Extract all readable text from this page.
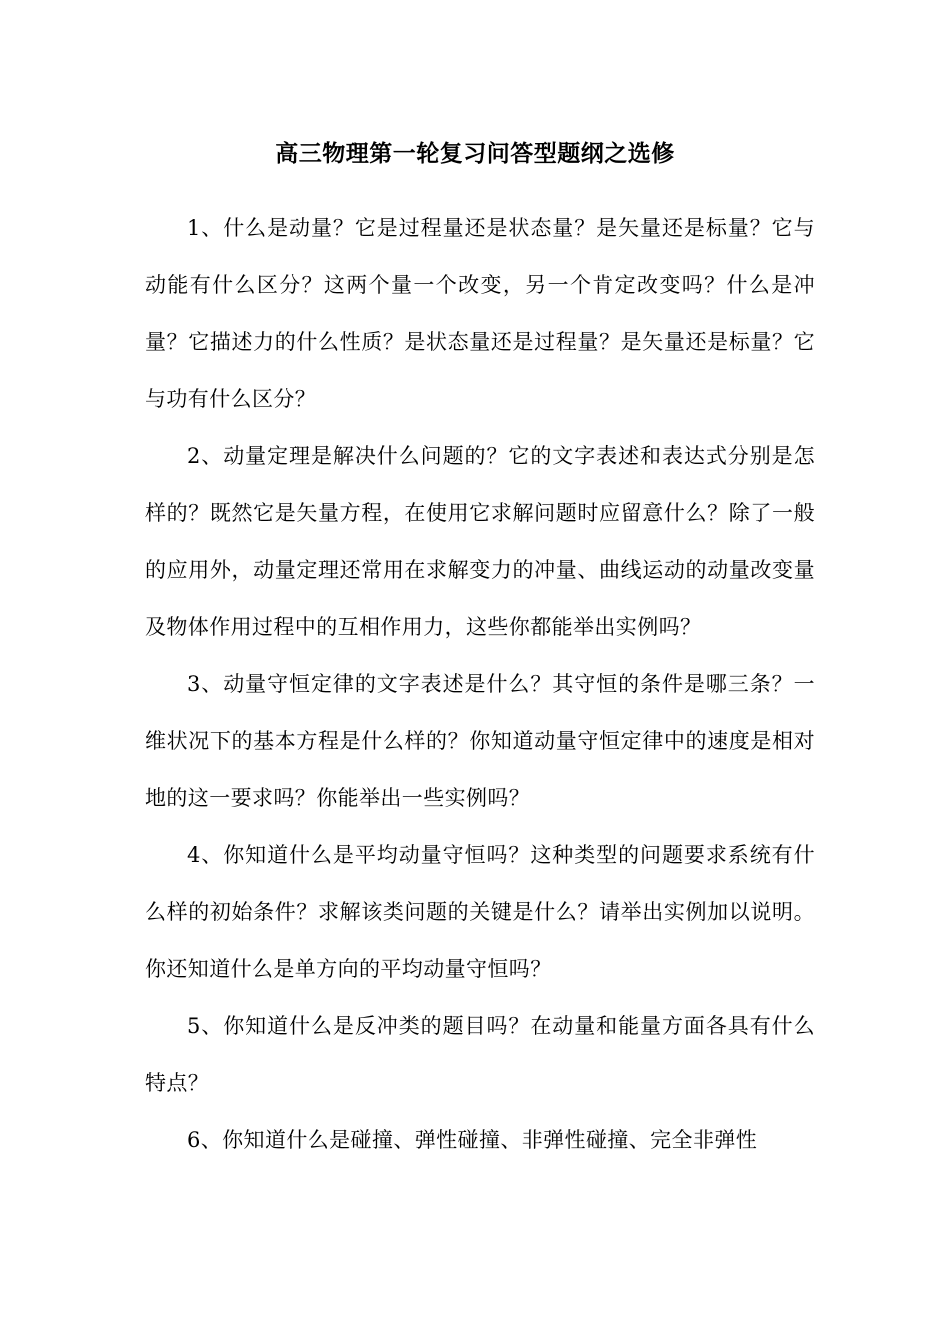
高三物理第一轮复习问答型题纲之选修

1、什么是动量？它是过程量还是状态量？是矢量还是标量？它与动能有什么区分？这两个量一个改变，另一个肯定改变吗？什么是冲量？它描述力的什么性质？是状态量还是过程量？是矢量还是标量？它与功有什么区分？

2、动量定理是解决什么问题的？它的文字表述和表达式分别是怎样的？既然它是矢量方程，在使用它求解问题时应留意什么？除了一般的应用外，动量定理还常用在求解变力的冲量、曲线运动的动量改变量及物体作用过程中的互相作用力，这些你都能举出实例吗？

3、动量守恒定律的文字表述是什么？其守恒的条件是哪三条？一维状况下的基本方程是什么样的？你知道动量守恒定律中的速度是相对地的这一要求吗？你能举出一些实例吗？

4、你知道什么是平均动量守恒吗？这种类型的问题要求系统有什么样的初始条件？求解该类问题的关键是什么？请举出实例加以说明。你还知道什么是单方向的平均动量守恒吗？

5、你知道什么是反冲类的题目吗？在动量和能量方面各具有什么特点？

6、你知道什么是碰撞、弹性碰撞、非弹性碰撞、完全非弹性
